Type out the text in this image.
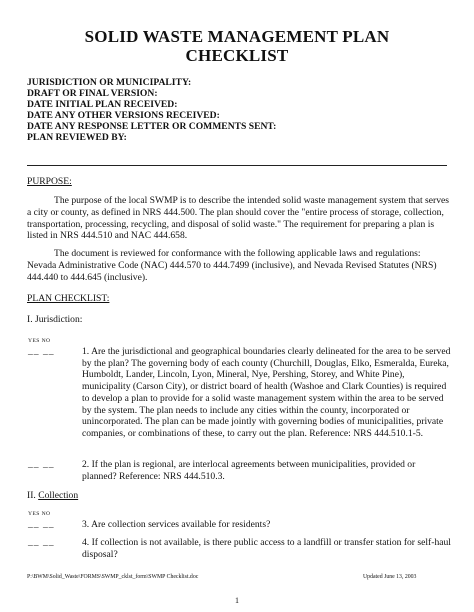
SOLID WASTE MANAGEMENT PLAN
CHECKLIST
JURISDICTION OR MUNICIPALITY:
DRAFT OR FINAL VERSION:
DATE INITIAL PLAN RECEIVED:
DATE ANY OTHER VERSIONS RECEIVED:
DATE ANY RESPONSE LETTER OR COMMENTS SENT:
PLAN REVIEWED BY:
PURPOSE:

The purpose of the local SWMP is to describe the intended solid waste management system that serves a city or county, as defined in NRS 444.500. The plan should cover the "entire process of storage, collection, transportation, processing, recycling, and disposal of solid waste." The requirement for preparing a plan is listed in NRS 444.510 and NAC 444.658.

The document is reviewed for conformance with the following applicable laws and regulations: Nevada Administrative Code (NAC) 444.570 to 444.7499 (inclusive), and Nevada Revised Statutes (NRS) 444.440 to 444.645 (inclusive).

PLAN CHECKLIST:
I. Jurisdiction:
YES NO
__ __	1. Are the jurisdictional and geographical boundaries clearly delineated for the area to be served by the plan? The governing body of each county (Churchill, Douglas, Elko, Esmeralda, Eureka, Humboldt, Lander, Lincoln, Lyon, Mineral, Nye, Pershing, Storey, and White Pine), municipality (Carson City), or district board of health (Washoe and Clark Counties) is required to develop a plan to provide for a solid waste management system within the area to be served by the system. The plan needs to include any cities within the county, incorporated or unincorporated. The plan can be made jointly with governing bodies of municipalities, private companies, or combinations of these, to carry out the plan. Reference: NRS 444.510.1-5.
__ __	2. If the plan is regional, are interlocal agreements between municipalities, provided or planned? Reference: NRS 444.510.3.
II. Collection
YES NO
__ __	3. Are collection services available for residents?
__ __	4. If collection is not available, is there public access to a landfill or transfer station for self-haul disposal?
P:\BWM\Solid_Waste\FORMS\SWMP_cklst_form\SWMP Checklist.doc	Updated June 13, 2003
1
